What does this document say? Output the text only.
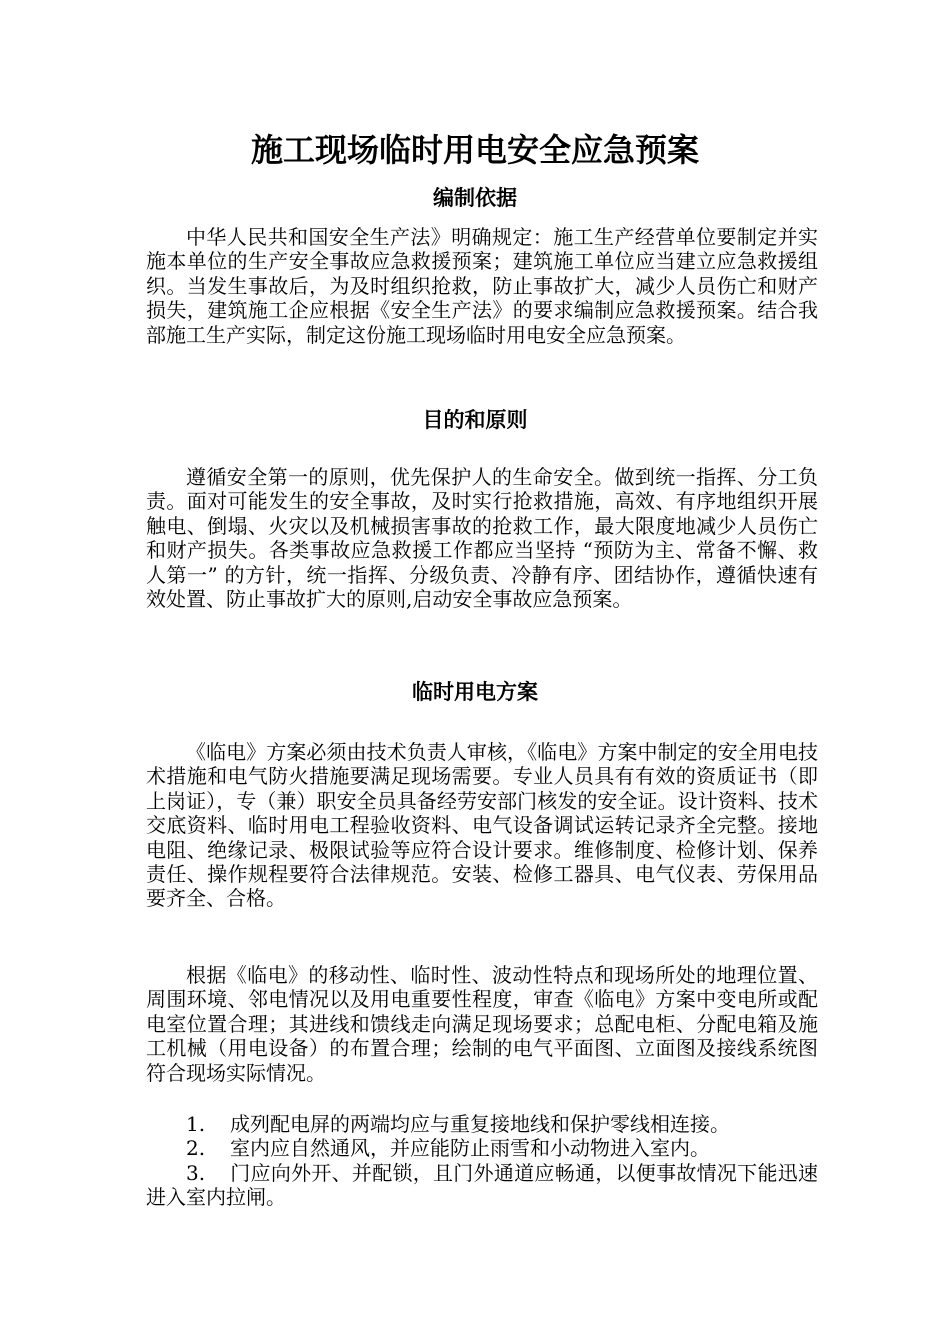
施工现场临时用电安全应急预案
编制依据

中华人民共和国安全生产法》明确规定：施工生产经营单位要制定并实施本单位的生产安全事故应急救援预案；建筑施工单位应当建立应急救援组织。当发生事故后，为及时组织抢救，防止事故扩大，减少人员伤亡和财产损失，建筑施工企应根据《安全生产法》的要求编制应急救援预案。结合我部施工生产实际，制定这份施工现场临时用电安全应急预案。

目的和原则

遵循安全第一的原则，优先保护人的生命安全。做到统一指挥、分工负责。面对可能发生的安全事故，及时实行抢救措施，高效、有序地组织开展触电、倒塌、火灾以及机械损害事故的抢救工作，最大限度地减少人员伤亡和财产损失。各类事故应急救援工作都应当坚持 “预防为主、常备不懈、救人第一” 的方针，统一指挥、分级负责、冷静有序、团结协作，遵循快速有效处置、防止事故扩大的原则,启动安全事故应急预案。

临时用电方案

《临电》方案必须由技术负责人审核，《临电》方案中制定的安全用电技术措施和电气防火措施要满足现场需要。专业人员具有有效的资质证书（即上岗证），专（兼）职安全员具备经劳安部门核发的安全证。设计资料、技术交底资料、临时用电工程验收资料、电气设备调试运转记录齐全完整。接地电阻、绝缘记录、极限试验等应符合设计要求。维修制度、检修计划、保养责任、操作规程要符合法律规范。安装、检修工器具、电气仪表、劳保用品要齐全、合格。

根据《临电》的移动性、临时性、波动性特点和现场所处的地理位置、周围环境、邻电情况以及用电重要性程度，审查《临电》方案中变电所或配电室位置合理；其进线和馈线走向满足现场要求；总配电柜、分配电箱及施工机械（用电设备）的布置合理；绘制的电气平面图、立面图及接线系统图符合现场实际情况。

1. 成列配电屏的两端均应与重复接地线和保护零线相连接。
2. 室内应自然通风，并应能防止雨雪和小动物进入室内。
3. 门应向外开、并配锁，且门外通道应畅通，以便事故情况下能迅速进入室内拉闸。
